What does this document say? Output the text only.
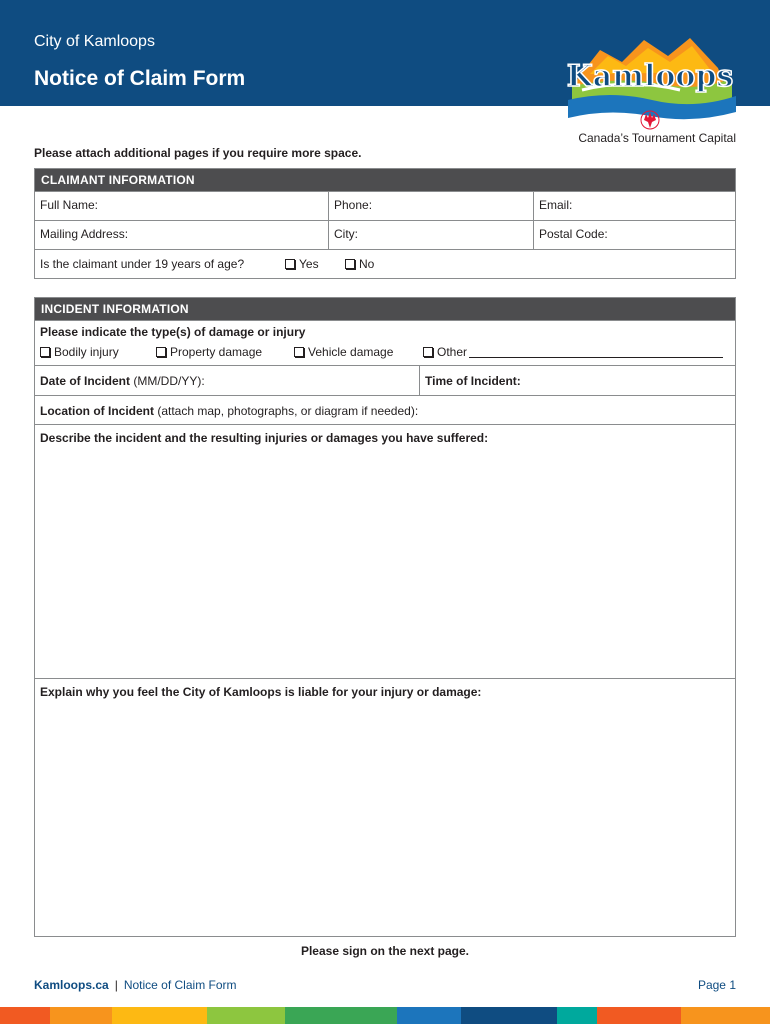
City of Kamloops
Notice of Claim Form	Kamloops
Canada’s Tournament Capital
Please attach additional pages if you require more space.
CLAIMANT INFORMATION
Full Name:	Phone:	Email:
Mailing Address:	City:	Postal Code:
Is the claimant under 19 years of age?	Yes	No
INCIDENT INFORMATION
Please indicate the type(s) of damage or injury
Bodily injury	Property damage	Vehicle damage	Other
Date of Incident (MM/DD/YY):	Time of Incident:
Location of Incident (attach map, photographs, or diagram if needed):
Describe the incident and the resulting injuries or damages you have suffered:
Explain why you feel the City of Kamloops is liable for your injury or damage:
Please sign on the next page.
Kamloops.ca | Notice of Claim Form	Page 1
